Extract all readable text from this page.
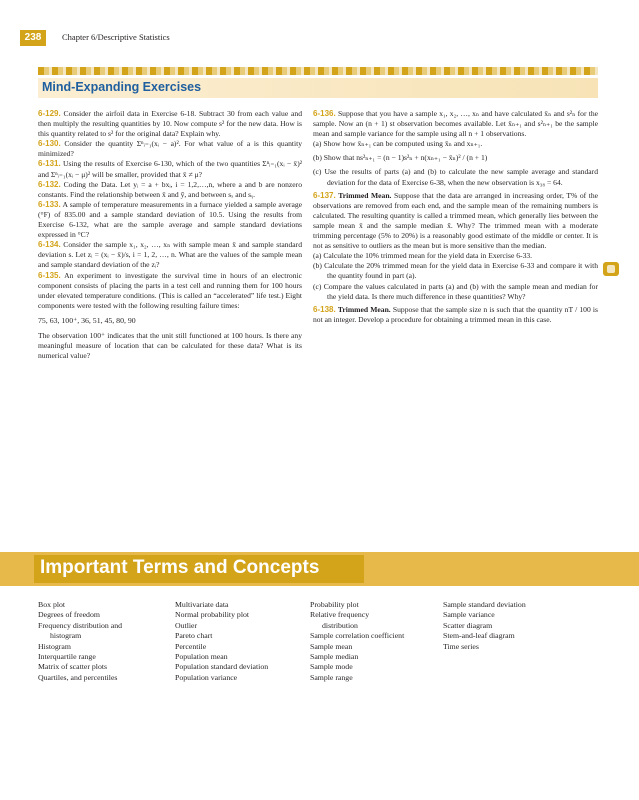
238	Chapter 6/Descriptive Statistics
Mind-Expanding Exercises

6-129. Consider the airfoil data in Exercise 6-18. Subtract 30 from each value and then multiply the resulting quantities by 10. Now compute s² for the new data. How is this quantity related to s² for the original data? Explain why.

6-130. Consider the quantity Σⁿᵢ₌₁(xᵢ − a)². For what value of a is this quantity minimized?

6-131. Using the results of Exercise 6-130, which of the two quantities Σⁿᵢ₌₁(xᵢ − x̄)² and Σⁿᵢ₌₁(xᵢ − μ)² will be smaller, provided that x̄ ≠ μ?

6-132. Coding the Data. Let yᵢ = a + bxᵢ, i = 1,2,…,n, where a and b are nonzero constants. Find the relationship between x̄ and ȳ, and between sₓ and sᵧ.

6-133. A sample of temperature measurements in a furnace yielded a sample average (°F) of 835.00 and a sample standard deviation of 10.5. Using the results from Exercise 6-132, what are the sample average and sample standard deviations expressed in °C?

6-134. Consider the sample x₁, x₂, …, xₙ with sample mean x̄ and sample standard deviation s. Let zᵢ = (xᵢ − x̄)/s, i = 1, 2, …, n. What are the values of the sample mean and sample standard deviation of the zᵢ?

6-135. An experiment to investigate the survival time in hours of an electronic component consists of placing the parts in a test cell and running them for 100 hours under elevated temperature conditions. (This is called an “accelerated” life test.) Eight components were tested with the following resulting failure times:

75, 63, 100⁺, 36, 51, 45, 80, 90

The observation 100⁺ indicates that the unit still functioned at 100 hours. Is there any meaningful measure of location that can be calculated for these data? What is its numerical value?

6-136. Suppose that you have a sample x₁, x₂, …, xₙ and have calculated x̄ₙ and s²ₙ for the sample. Now an (n + 1) st observation becomes available. Let x̄ₙ₊₁ and s²ₙ₊₁ be the sample mean and sample variance for the sample using all n + 1 observations.

(a) Show how x̄ₙ₊₁ can be computed using x̄ₙ and xₙ₊₁.

(b) Show that ns²ₙ₊₁ = (n − 1)s²ₙ + n(xₙ₊₁ − x̄ₙ)² / (n + 1)

(c) Use the results of parts (a) and (b) to calculate the new sample average and standard deviation for the data of Exercise 6-38, when the new observation is x₃₈ = 64.

6-137. Trimmed Mean. Suppose that the data are arranged in increasing order, T% of the observations are removed from each end, and the sample mean of the remaining numbers is calculated. The resulting quantity is called a trimmed mean, which generally lies between the sample mean x̄ and the sample median x̃. Why? The trimmed mean with a moderate trimming percentage (5% to 20%) is a reasonably good estimate of the middle or center. It is not as sensitive to outliers as the mean but is more sensitive than the median.

(a) Calculate the 10% trimmed mean for the yield data in Exercise 6-33.

(b) Calculate the 20% trimmed mean for the yield data in Exercise 6-33 and compare it with the quantity found in part (a).

(c) Compare the values calculated in parts (a) and (b) with the sample mean and median for the yield data. Is there much difference in these quantities? Why?

6-138. Trimmed Mean. Suppose that the sample size n is such that the quantity nT / 100 is not an integer. Develop a procedure for obtaining a trimmed mean in this case.

Important Terms and Concepts
Box plot
Degrees of freedom
Frequency distribution and
histogram
Histogram
Interquartile range
Matrix of scatter plots
Quartiles, and percentiles
Multivariate data
Normal probability plot
Outlier
Pareto chart
Percentile
Population mean
Population standard deviation
Population variance
Probability plot
Relative frequency
distribution
Sample correlation coefficient
Sample mean
Sample median
Sample mode
Sample range
Sample standard deviation
Sample variance
Scatter diagram
Stem-and-leaf diagram
Time series
